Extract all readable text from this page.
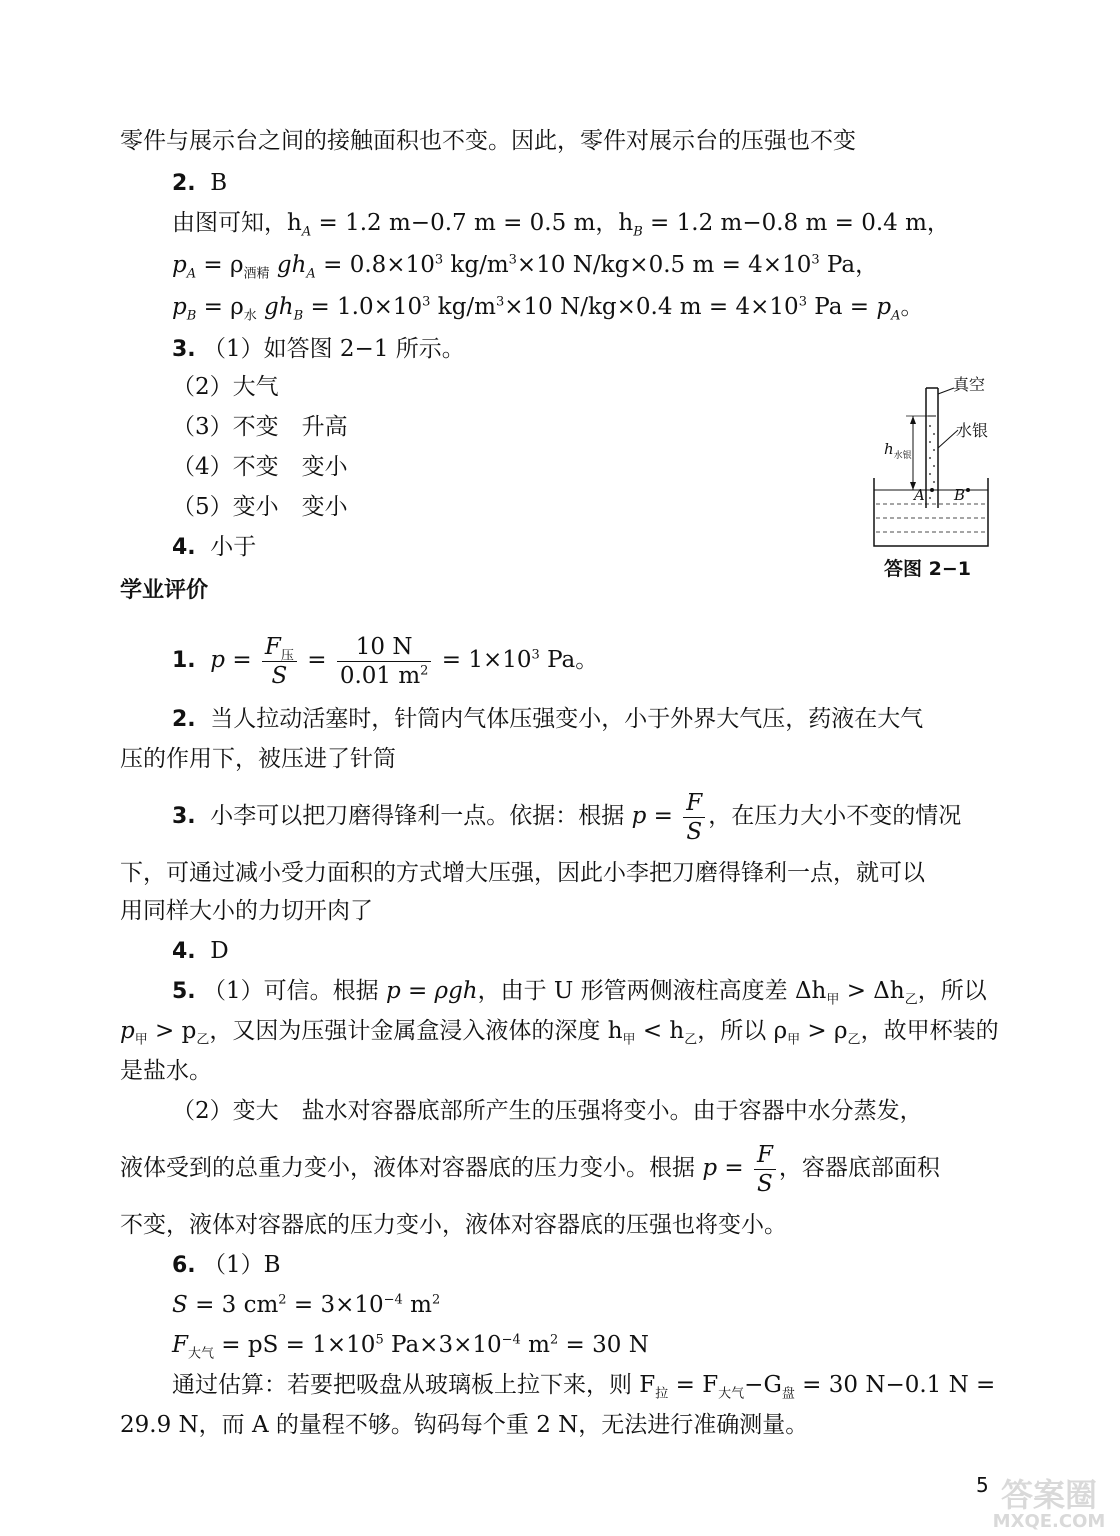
零件与展示台之间的接触面积也不变。因此，零件对展示台的压强也不变
2. B
由图可知，$h_A = 1.2$ m−0.7 m = 0.5 m，$h_B = 1.2$ m−0.8 m = 0.4 m，
$p_A = \rho_{酒精}$ $gh_A = 0.8\times 10^3$ $kg/m^3\times 10$ N/kg×0.5 $m = 4\times 10^3$ Pa，
$p_B = \rho_水$ $gh_B = 1.0\times 10^3$ $kg/m^3\times 10$ N/kg×0.4 $m = 4\times 10^3$ $Pa = p_A$。
3. （1）如答图 2−1 所示。
（2）大气
（3）不变　升高
（4）不变　变小
（5）变小　变小
4. 小于
真空
水银
$h_{水银}$
A B
答图 2−1
学业评价
1. $p = \frac{F_压}{S} = \frac{10 N}{0.01 m^2} = 1\times 10^3$ Pa。
2. 当人拉动活塞时，针筒内气体压强变小，小于外界大气压，药液在大气
压的作用下，被压进了针筒
3. 小李可以把刀磨得锋利一点。依据：根据 $p = \frac{F}{S}$ ，在压力大小不变的情况
下，可通过减小受力面积的方式增大压强，因此小李把刀磨得锋利一点，就可以
用同样大小的力切开肉了
4. D
5. （1）可信。根据 p = ρgh，由于 U 形管两侧液柱高度差 $\Delta h_甲 > \Delta h_乙$，所以
$p_甲 > p_乙$，又因为压强计金属盒浸入液体的深度 $h_甲 < h_乙$，所以 $\rho_甲 > \rho_乙$，故甲杯装的
是盐水。
（2）变大　盐水对容器底部所产生的压强将变小。由于容器中水分蒸发，
液体受到的总重力变小，液体对容器底的压力变小。根据 $p = \frac{F}{S}$ ，容器底部面积
不变，液体对容器底的压力变小，液体对容器底的压强也将变小。
6. （1）B
S = 3 $cm^2 = 3\times 10^{-4}$ $m^2$
$F_{大气}$ = pS = $1\times 10^5$ $Pa\times 3\times 10^{-4}$ $m^2 = 30$ N
通过估算：若要把吸盘从玻璃板上拉下来，则 $F_拉 = F_{大气}-G_盘 = 30$ N−0.1 N =
29.9 N，而 A 的量程不够。钩码每个重 2 N，无法进行准确测量。
5 答案圈
MXQE.COM
